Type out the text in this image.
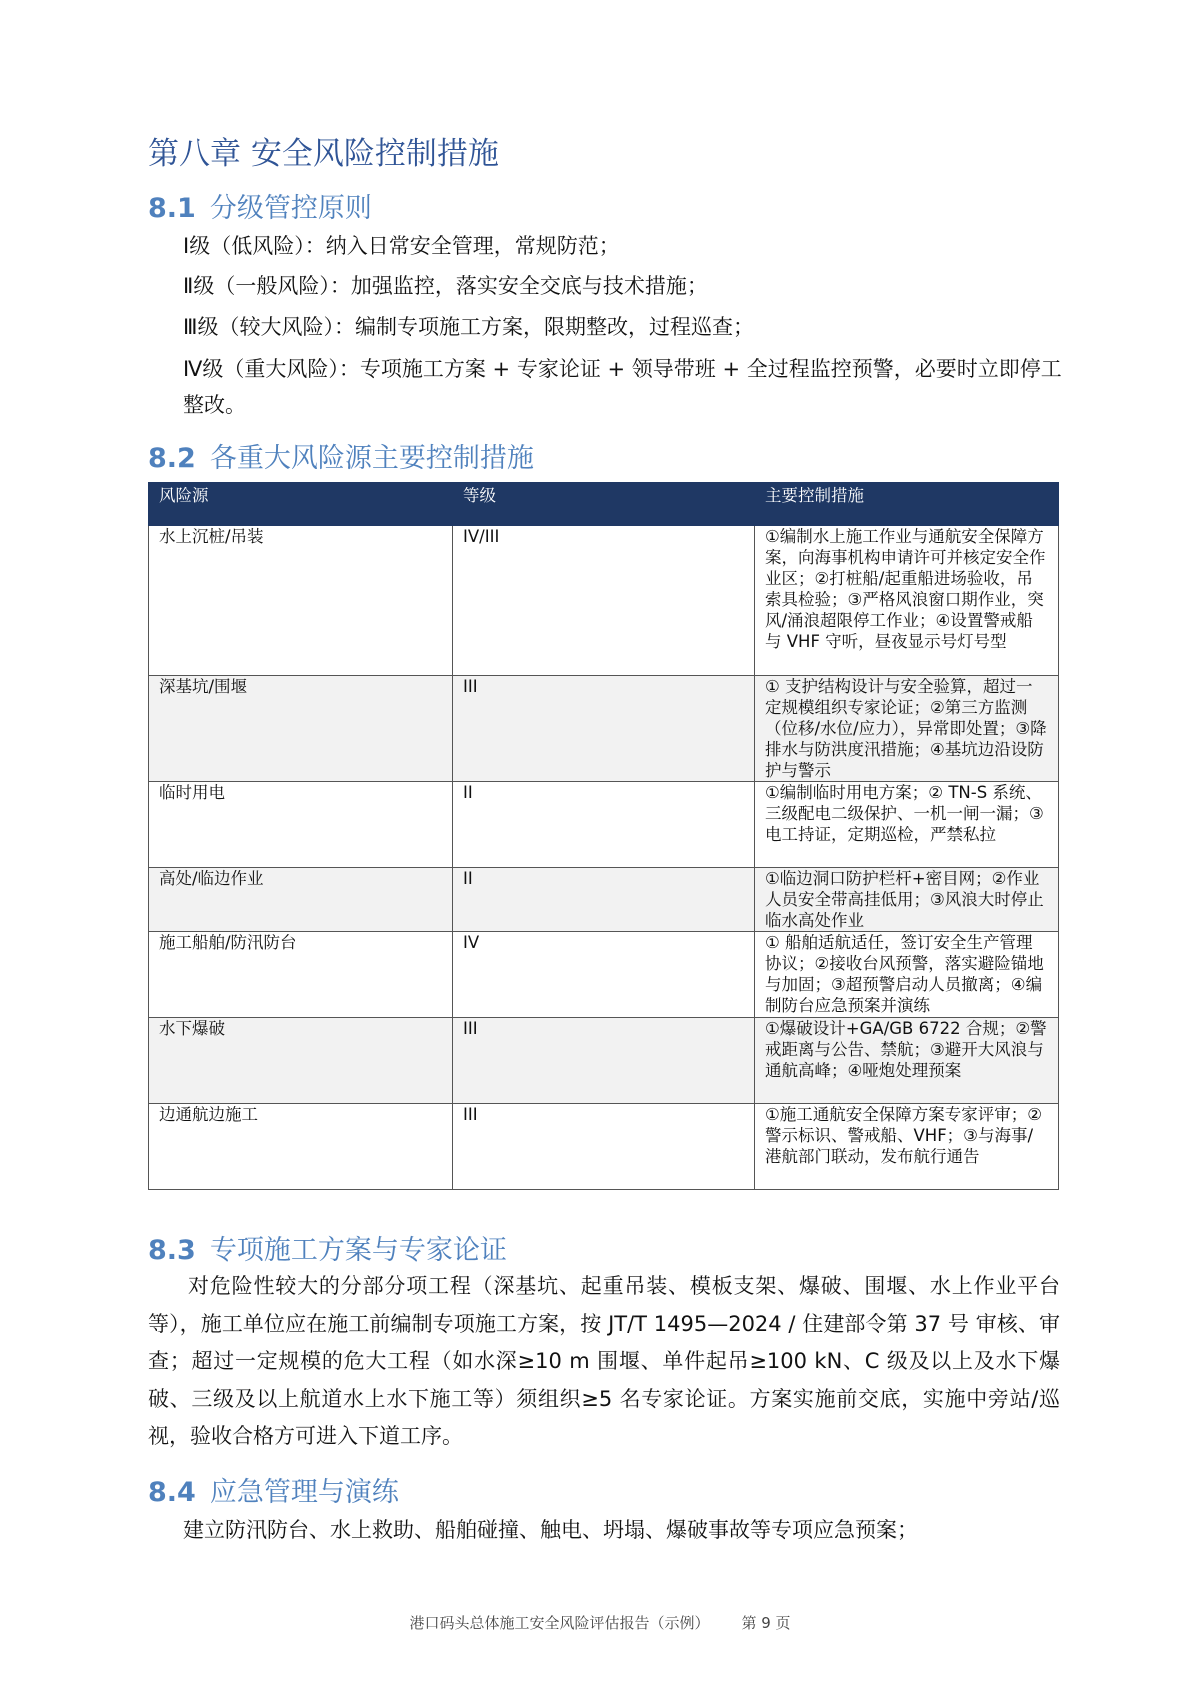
第八章 安全风险控制措施
8.1 分级管控原则
Ⅰ级（低风险）：纳入日常安全管理，常规防范；
Ⅱ级（一般风险）：加强监控，落实安全交底与技术措施；
Ⅲ级（较大风险）：编制专项施工方案，限期整改，过程巡查；
Ⅳ级（重大风险）：专项施工方案 + 专家论证 + 领导带班 + 全过程监控预警，必要时立即停工整改。
8.2 各重大风险源主要控制措施
风险源	等级	主要控制措施
水上沉桩/吊装	IV/III	①编制水上施工作业与通航安全保障方案，向海事机构申请许可并核定安全作业区；②打桩船/起重船进场验收，吊索具检验；③严格风浪窗口期作业，突风/涌浪超限停工作业；④设置警戒船与 VHF 守听，昼夜显示号灯号型
深基坑/围堰	III	① 支护结构设计与安全验算，超过一定规模组织专家论证；②第三方监测（位移/水位/应力），异常即处置；③降排水与防洪度汛措施；④基坑边沿设防护与警示
临时用电	II	①编制临时用电方案；② TN-S 系统、三级配电二级保护、一机一闸一漏；③电工持证，定期巡检，严禁私拉
高处/临边作业	II	①临边洞口防护栏杆+密目网；②作业人员安全带高挂低用；③风浪大时停止临水高处作业
施工船舶/防汛防台	IV	① 船舶适航适任，签订安全生产管理协议；②接收台风预警，落实避险锚地与加固；③超预警启动人员撤离；④编制防台应急预案并演练
水下爆破	III	①爆破设计+GA/GB 6722 合规；②警戒距离与公告、禁航；③避开大风浪与通航高峰；④哑炮处理预案
边通航边施工	III	①施工通航安全保障方案专家评审；②警示标识、警戒船、VHF；③与海事/港航部门联动，发布航行通告
8.3 专项施工方案与专家论证

对危险性较大的分部分项工程（深基坑、起重吊装、模板支架、爆破、围堰、水上作业平台等），施工单位应在施工前编制专项施工方案，按 JT/T 1495—2024 / 住建部令第 37 号 审核、审查；超过一定规模的危大工程（如水深≥10 m 围堰、单件起吊≥100 kN、C 级及以上及水下爆破、三级及以上航道水上水下施工等）须组织≥5 名专家论证。方案实施前交底，实施中旁站/巡视，验收合格方可进入下道工序。

8.4 应急管理与演练
建立防汛防台、水上救助、船舶碰撞、触电、坍塌、爆破事故等专项应急预案；
港口码头总体施工安全风险评估报告（示例） 第 9 页
